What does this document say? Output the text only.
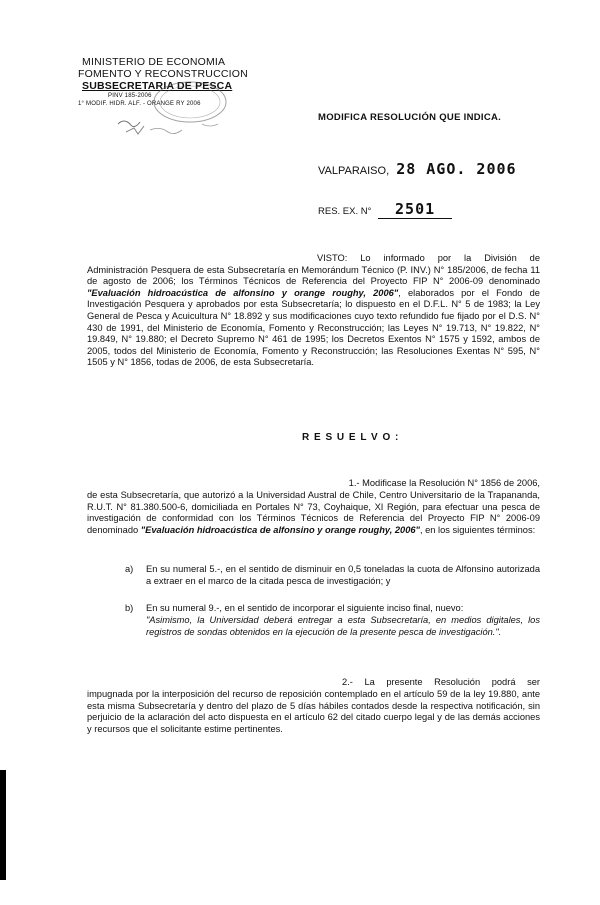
MINISTERIO DE ECONOMIA
FOMENTO Y RECONSTRUCCION
SUBSECRETARIA DE PESCA
PINV 185-2006
1° MODIF. HIDR. ALF. - ORANGE RY 2006
MODIFICA RESOLUCIÓN QUE INDICA.
VALPARAISO, 28 AGO. 2006
RES. EX. N° 2501
VISTO: Lo informado por la División de Administración Pesquera de esta Subsecretaría en Memorándum Técnico (P. INV.) N° 185/2006, de fecha 11 de agosto de 2006; los Términos Técnicos de Referencia del Proyecto FIP N° 2006-09 denominado "Evaluación hidroacústica de alfonsino y orange roughy, 2006", elaborados por el Fondo de Investigación Pesquera y aprobados por esta Subsecretaría; lo dispuesto en el D.F.L. N° 5 de 1983; la Ley General de Pesca y Acuicultura N° 18.892 y sus modificaciones cuyo texto refundido fue fijado por el D.S. N° 430 de 1991, del Ministerio de Economía, Fomento y Reconstrucción; las Leyes N° 19.713, N° 19.822, N° 19.849, N° 19.880; el Decreto Supremo N° 461 de 1995; los Decretos Exentos N° 1575 y 1592, ambos de 2005, todos del Ministerio de Economía, Fomento y Reconstrucción; las Resoluciones Exentas N° 595, N° 1505 y N° 1856, todas de 2006, de esta Subsecretaría.
R E S U E L V O :
1.- Modificase la Resolución N° 1856 de 2006,
de esta Subsecretaría, que autorizó a la Universidad Austral de Chile, Centro Universitario de la Trapananda, R.U.T. N° 81.380.500-6, domiciliada en Portales N° 73, Coyhaique, XI Región, para efectuar una pesca de investigación de conformidad con los Términos Técnicos de Referencia del Proyecto FIP N° 2006-09 denominado "Evaluación hidroacústica de alfonsino y orange roughy, 2006", en los siguientes términos:
a) En su numeral 5.-, en el sentido de disminuir en 0,5 toneladas la cuota de Alfonsino autorizada a extraer en el marco de la citada pesca de investigación; y
b) En su numeral 9.-, en el sentido de incorporar el siguiente inciso final, nuevo:
"Asimismo, la Universidad deberá entregar a esta Subsecretaría, en medios digitales, los registros de sondas obtenidos en la ejecución de la presente pesca de investigación.".
2.- La presente Resolución podrá ser
impugnada por la interposición del recurso de reposición contemplado en el artículo 59 de la ley 19.880, ante esta misma Subsecretaría y dentro del plazo de 5 días hábiles contados desde la respectiva notificación, sin perjuicio de la aclaración del acto dispuesta en el artículo 62 del citado cuerpo legal y de las demás acciones y recursos que el solicitante estime pertinentes.
